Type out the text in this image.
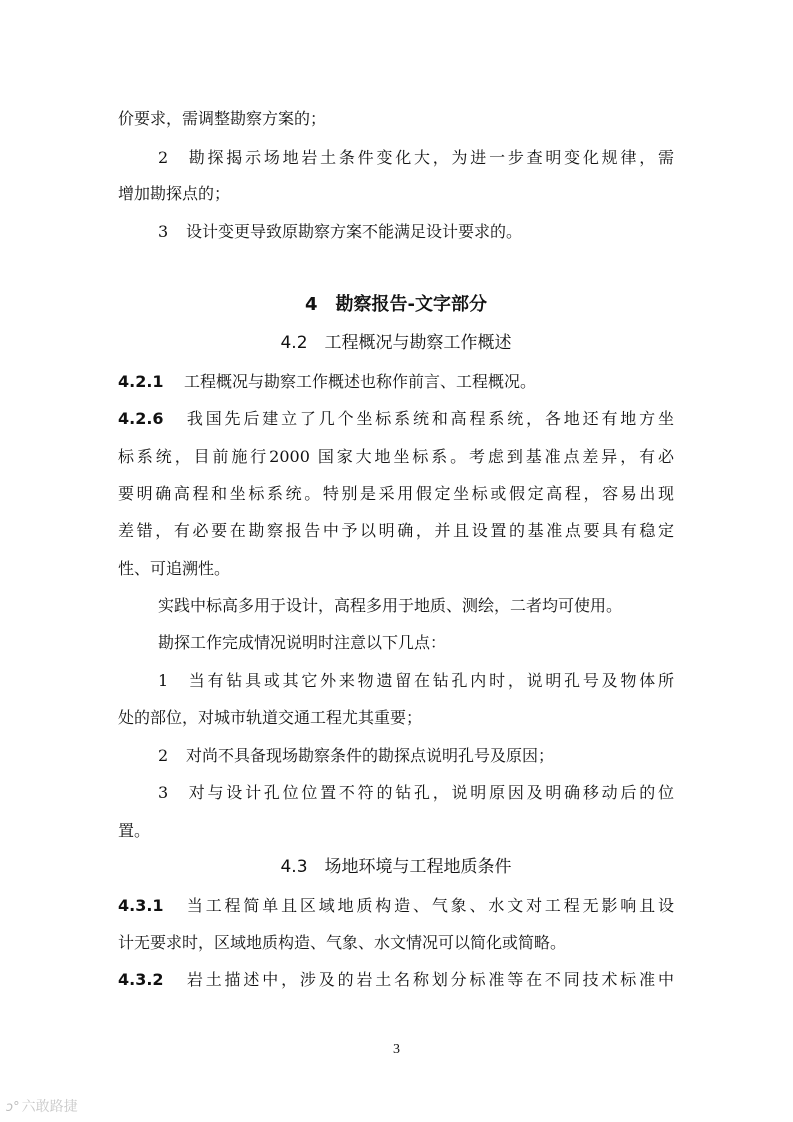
价要求，需调整勘察方案的；
2 勘探揭示场地岩土条件变化大，为进一步查明变化规律，需
增加勘探点的；
3 设计变更导致原勘察方案不能满足设计要求的。
4　勘察报告-文字部分
4.2　工程概况与勘察工作概述
4.2.1 工程概况与勘察工作概述也称作前言、工程概况。
4.2.6 我国先后建立了几个坐标系统和高程系统，各地还有地方坐
标系统，目前施行2000 国家大地坐标系。考虑到基准点差异，有必
要明确高程和坐标系统。特别是采用假定坐标或假定高程，容易出现
差错，有必要在勘察报告中予以明确，并且设置的基准点要具有稳定
性、可追溯性。
实践中标高多用于设计，高程多用于地质、测绘，二者均可使用。
勘探工作完成情况说明时注意以下几点：
1 当有钻具或其它外来物遗留在钻孔内时，说明孔号及物体所
处的部位，对城市轨道交通工程尤其重要；
2 对尚不具备现场勘察条件的勘探点说明孔号及原因；
3 对与设计孔位位置不符的钻孔，说明原因及明确移动后的位
置。
4.3　场地环境与工程地质条件
4.3.1 当工程简单且区域地质构造、气象、水文对工程无影响且设
计无要求时，区域地质构造、气象、水文情况可以简化或简略。
4.3.2 岩土描述中，涉及的岩土名称划分标准等在不同技术标准中
3
ↄ° 六敢路捷
